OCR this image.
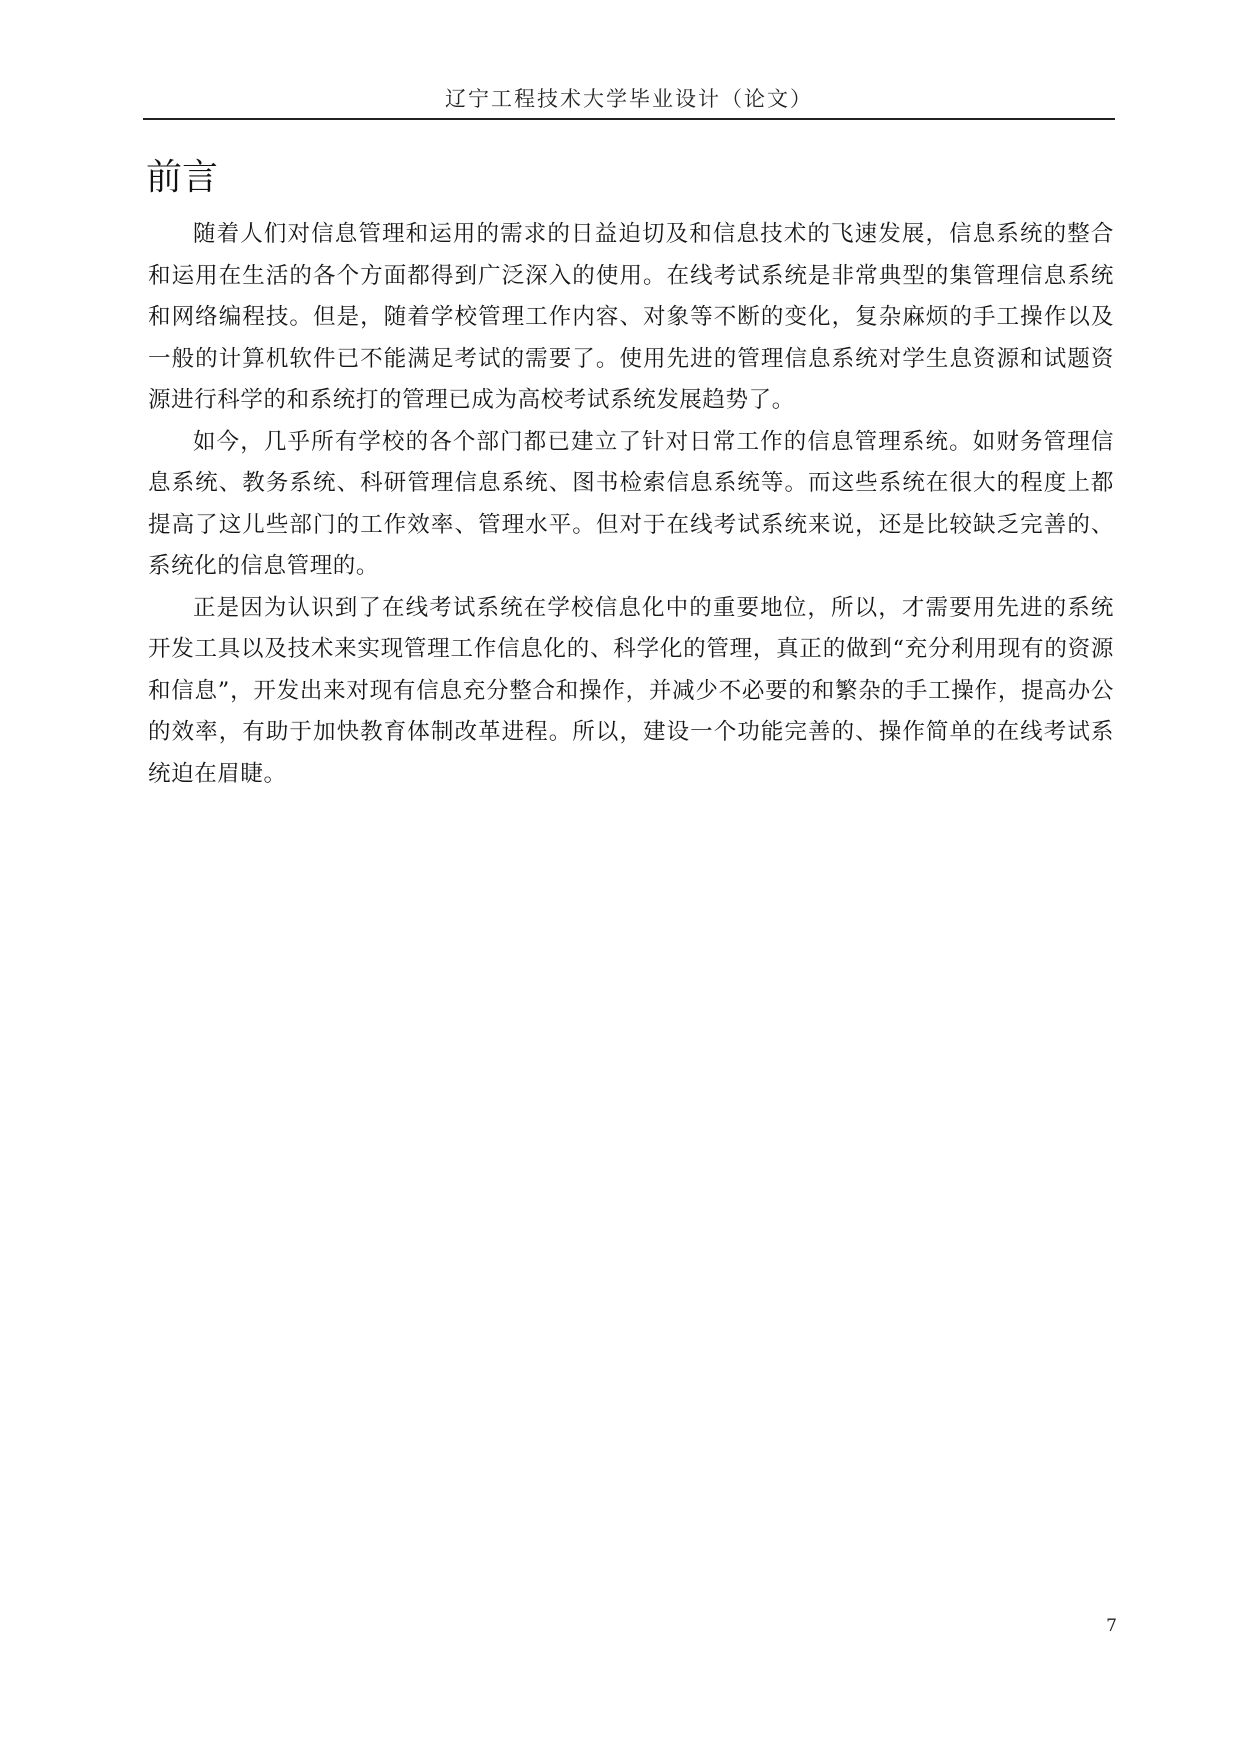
辽宁工程技术大学毕业设计（论文）
前言

随着人们对信息管理和运用的需求的日益迫切及和信息技术的飞速发展，信息系统的整合和运用在生活的各个方面都得到广泛深入的使用。在线考试系统是非常典型的集管理信息系统和网络编程技。但是，随着学校管理工作内容、对象等不断的变化，复杂麻烦的手工操作以及一般的计算机软件已不能满足考试的需要了。使用先进的管理信息系统对学生息资源和试题资源进行科学的和系统打的管理已成为高校考试系统发展趋势了。

如今，几乎所有学校的各个部门都已建立了针对日常工作的信息管理系统。如财务管理信息系统、教务系统、科研管理信息系统、图书检索信息系统等。而这些系统在很大的程度上都提高了这儿些部门的工作效率、管理水平。但对于在线考试系统来说，还是比较缺乏完善的、系统化的信息管理的。

正是因为认识到了在线考试系统在学校信息化中的重要地位，所以，才需要用先进的系统开发工具以及技术来实现管理工作信息化的、科学化的管理，真正的做到“充分利用现有的资源和信息”，开发出来对现有信息充分整合和操作，并减少不必要的和繁杂的手工操作，提高办公的效率，有助于加快教育体制改革进程。所以，建设一个功能完善的、操作简单的在线考试系统迫在眉睫。

7
